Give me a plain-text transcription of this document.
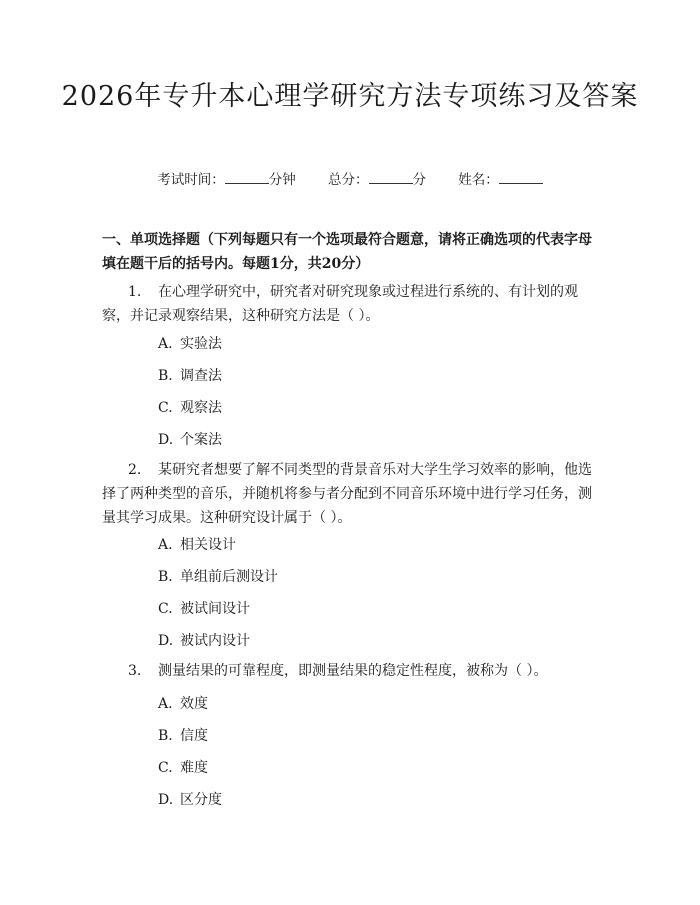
2026年专升本心理学研究方法专项练习及答案
考试时间：	分钟 总分：	分 姓名：

一、单项选择题（下列每题只有一个选项最符合题意，请将正确选项的代表字母填在题干后的括号内。每题1分，共20分）

1. 在心理学研究中，研究者对研究现象或过程进行系统的、有计划的观察，并记录观察结果，这种研究方法是（ ）。

A. 实验法
B. 调查法
C. 观察法
D. 个案法

2. 某研究者想要了解不同类型的背景音乐对大学生学习效率的影响，他选择了两种类型的音乐，并随机将参与者分配到不同音乐环境中进行学习任务，测量其学习成果。这种研究设计属于（ ）。

A. 相关设计
B. 单组前后测设计
C. 被试间设计
D. 被试内设计

3. 测量结果的可靠程度，即测量结果的稳定性程度，被称为（ ）。

A. 效度
B. 信度
C. 难度
D. 区分度
